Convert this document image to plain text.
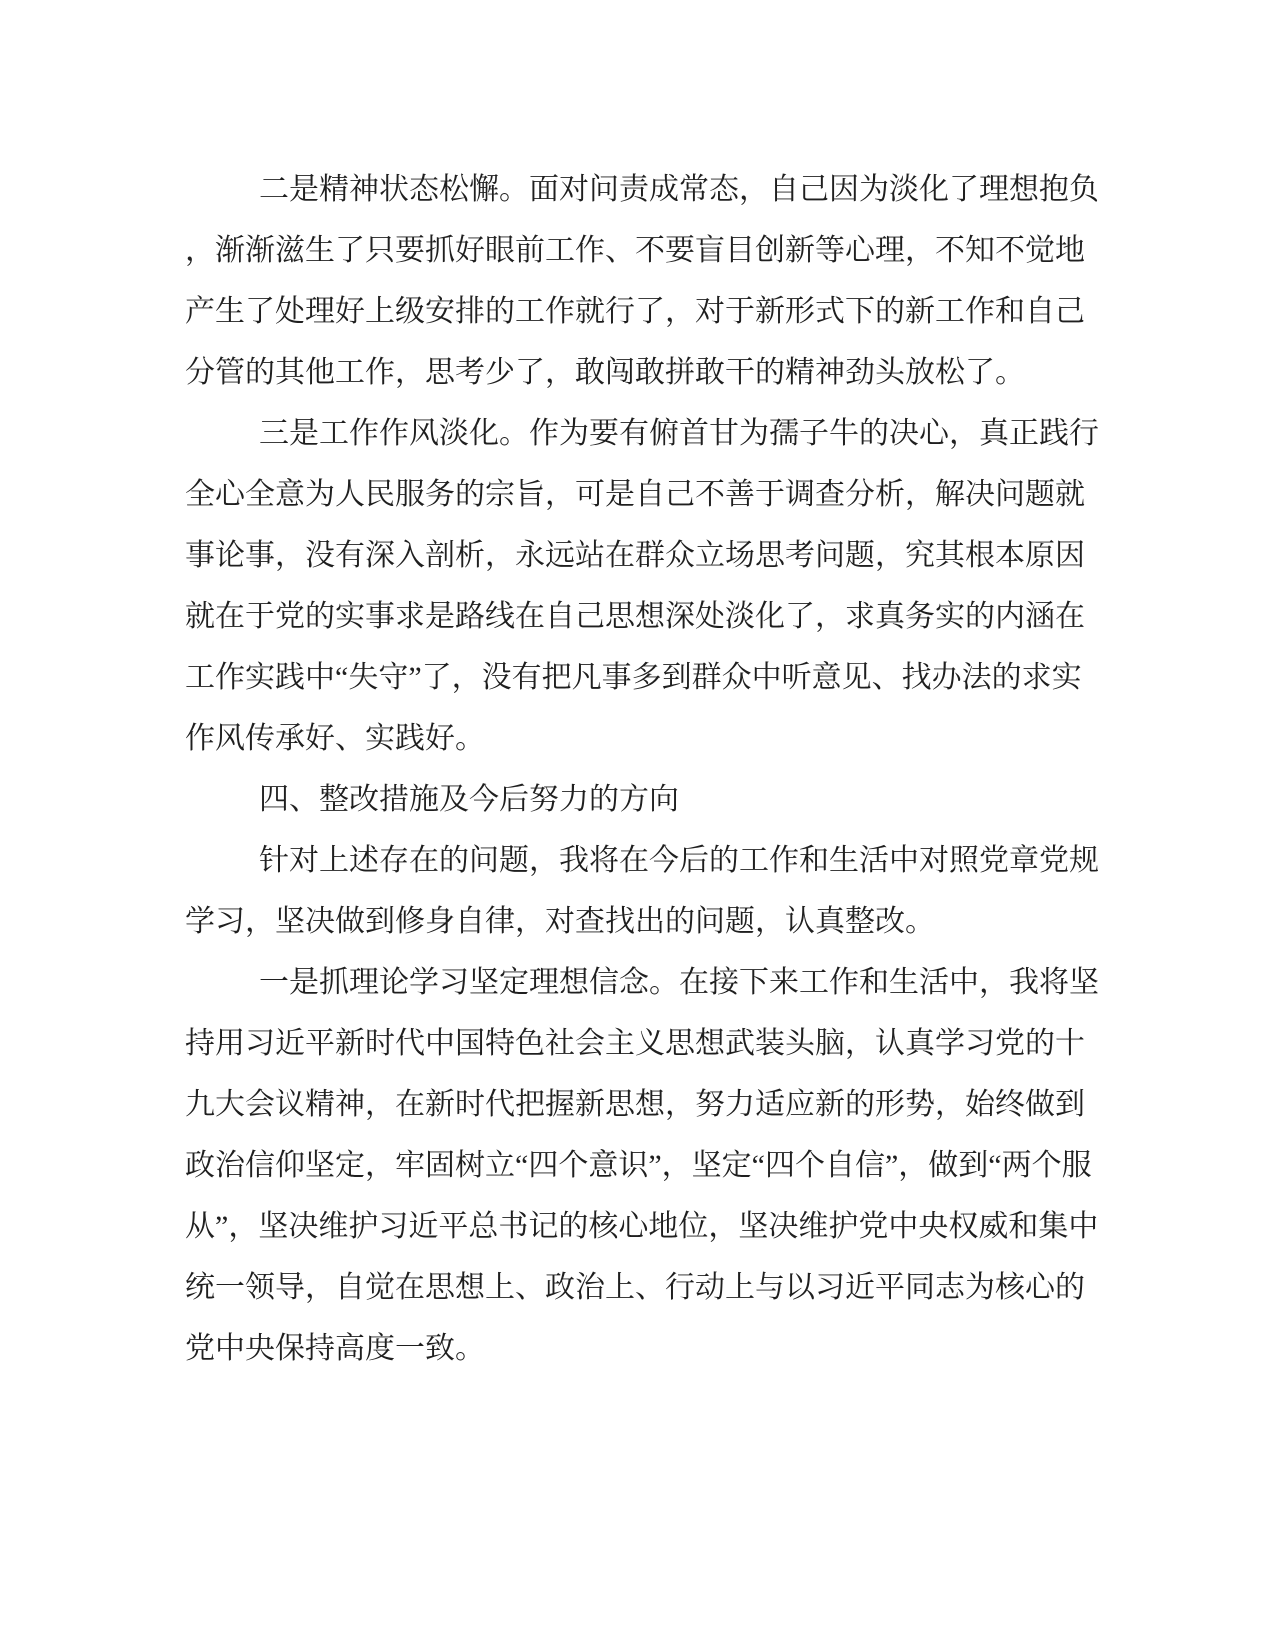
二是精神状态松懈。面对问责成常态，自己因为淡化了理想抱负
，渐渐滋生了只要抓好眼前工作、不要盲目创新等心理，不知不觉地
产生了处理好上级安排的工作就行了，对于新形式下的新工作和自己
分管的其他工作，思考少了，敢闯敢拼敢干的精神劲头放松了。
三是工作作风淡化。作为要有俯首甘为孺子牛的决心，真正践行
全心全意为人民服务的宗旨，可是自己不善于调查分析，解决问题就
事论事，没有深入剖析，永远站在群众立场思考问题，究其根本原因
就在于党的实事求是路线在自己思想深处淡化了，求真务实的内涵在
工作实践中“失守”了，没有把凡事多到群众中听意见、找办法的求实
作风传承好、实践好。
四、整改措施及今后努力的方向
针对上述存在的问题，我将在今后的工作和生活中对照党章党规
学习，坚决做到修身自律，对查找出的问题，认真整改。
一是抓理论学习坚定理想信念。在接下来工作和生活中，我将坚
持用习近平新时代中国特色社会主义思想武装头脑，认真学习党的十
九大会议精神，在新时代把握新思想，努力适应新的形势，始终做到
政治信仰坚定，牢固树立“四个意识”，坚定“四个自信”，做到“两个服
从”，坚决维护习近平总书记的核心地位，坚决维护党中央权威和集中
统一领导，自觉在思想上、政治上、行动上与以习近平同志为核心的
党中央保持高度一致。
